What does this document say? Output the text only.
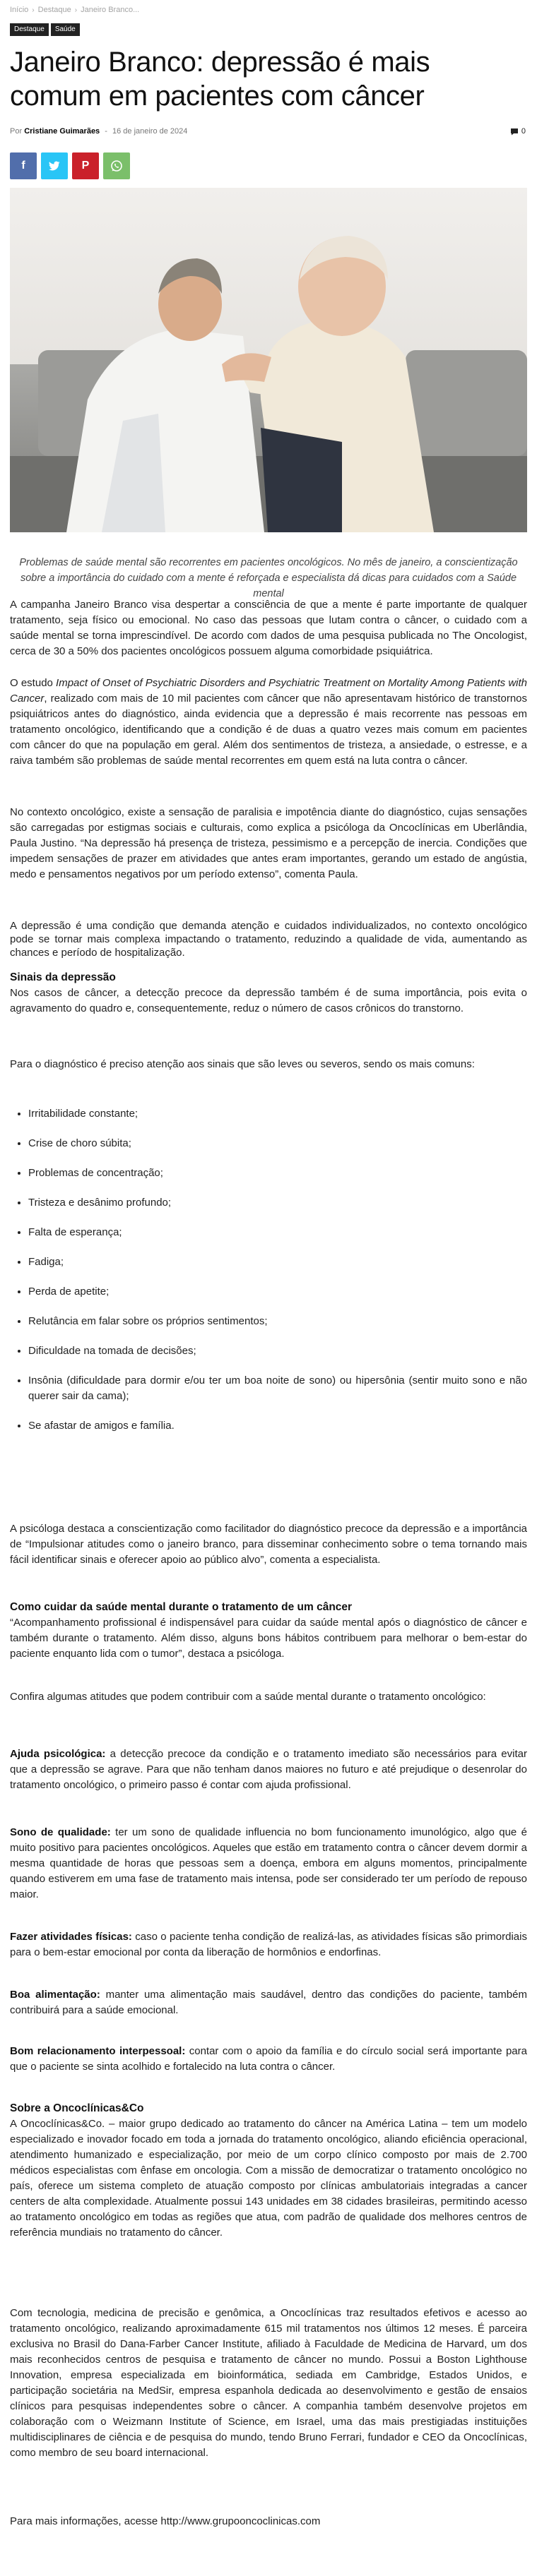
Início › Destaque › Janeiro Branco...
Destaque	Saúde
Janeiro Branco: depressão é mais comum em pacientes com câncer
Por Cristiane Guimarães - 16 de janeiro de 2024	0
f	P

Problemas de saúde mental são recorrentes em pacientes oncológicos. No mês de janeiro, a conscientização sobre a importância do cuidado com a mente é reforçada e especialista dá dicas para cuidados com a Saúde mental

A campanha Janeiro Branco visa despertar a consciência de que a mente é parte importante de qualquer tratamento, seja físico ou emocional. No caso das pessoas que lutam contra o câncer, o cuidado com a saúde mental se torna imprescindível. De acordo com dados de uma pesquisa publicada no The Oncologist, cerca de 30 a 50% dos pacientes oncológicos possuem alguma comorbidade psiquiátrica.

O estudo Impact of Onset of Psychiatric Disorders and Psychiatric Treatment on Mortality Among Patients with Cancer, realizado com mais de 10 mil pacientes com câncer que não apresentavam histórico de transtornos psiquiátricos antes do diagnóstico, ainda evidencia que a depressão é mais recorrente nas pessoas em tratamento oncológico, identificando que a condição é de duas a quatro vezes mais comum em pacientes com câncer do que na população em geral. Além dos sentimentos de tristeza, a ansiedade, o estresse, e a raiva também são problemas de saúde mental recorrentes em quem está na luta contra o câncer.

No contexto oncológico, existe a sensação de paralisia e impotência diante do diagnóstico, cujas sensações são carregadas por estigmas sociais e culturais, como explica a psicóloga da Oncoclínicas em Uberlândia, Paula Justino. “Na depressão há presença de tristeza, pessimismo e a percepção de inercia. Condições que impedem sensações de prazer em atividades que antes eram importantes, gerando um estado de angústia, medo e pensamentos negativos por um período extenso”, comenta Paula.

A depressão é uma condição que demanda atenção e cuidados individualizados, no contexto oncológico pode se tornar mais complexa impactando o tratamento, reduzindo a qualidade de vida, aumentando as chances e período de hospitalização.

Sinais da depressão

Nos casos de câncer, a detecção precoce da depressão também é de suma importância, pois evita o agravamento do quadro e, consequentemente, reduz o número de casos crônicos do transtorno.

Para o diagnóstico é preciso atenção aos sinais que são leves ou severos, sendo os mais comuns:

• Irritabilidade constante;
• Crise de choro súbita;
• Problemas de concentração;
• Tristeza e desânimo profundo;
• Falta de esperança;
• Fadiga;
• Perda de apetite;
• Relutância em falar sobre os próprios sentimentos;
• Dificuldade na tomada de decisões;
• Insônia (dificuldade para dormir e/ou ter um boa noite de sono) ou hipersônia (sentir muito sono e não querer sair da cama);
• Se afastar de amigos e família.

A psicóloga destaca a conscientização como facilitador do diagnóstico precoce da depressão e a importância de “Impulsionar atitudes como o janeiro branco, para disseminar conhecimento sobre o tema tornando mais fácil identificar sinais e oferecer apoio ao público alvo”, comenta a especialista.

Como cuidar da saúde mental durante o tratamento de um câncer

“Acompanhamento profissional é indispensável para cuidar da saúde mental após o diagnóstico de câncer e também durante o tratamento. Além disso, alguns bons hábitos contribuem para melhorar o bem-estar do paciente enquanto lida com o tumor”, destaca a psicóloga.

Confira algumas atitudes que podem contribuir com a saúde mental durante o tratamento oncológico:

Ajuda psicológica: a detecção precoce da condição e o tratamento imediato são necessários para evitar que a depressão se agrave. Para que não tenham danos maiores no futuro e até prejudique o desenrolar do tratamento oncológico, o primeiro passo é contar com ajuda profissional.

Sono de qualidade: ter um sono de qualidade influencia no bom funcionamento imunológico, algo que é muito positivo para pacientes oncológicos. Aqueles que estão em tratamento contra o câncer devem dormir a mesma quantidade de horas que pessoas sem a doença, embora em alguns momentos, principalmente quando estiverem em uma fase de tratamento mais intensa, pode ser considerado ter um período de repouso maior.

Fazer atividades físicas: caso o paciente tenha condição de realizá-las, as atividades físicas são primordiais para o bem-estar emocional por conta da liberação de hormônios e endorfinas.

Boa alimentação: manter uma alimentação mais saudável, dentro das condições do paciente, também contribuirá para a saúde emocional.

Bom relacionamento interpessoal: contar com o apoio da família e do círculo social será importante para que o paciente se sinta acolhido e fortalecido na luta contra o câncer.

Sobre a Oncoclínicas&Co

A Oncoclínicas&Co. – maior grupo dedicado ao tratamento do câncer na América Latina – tem um modelo especializado e inovador focado em toda a jornada do tratamento oncológico, aliando eficiência operacional, atendimento humanizado e especialização, por meio de um corpo clínico composto por mais de 2.700 médicos especialistas com ênfase em oncologia. Com a missão de democratizar o tratamento oncológico no país, oferece um sistema completo de atuação composto por clínicas ambulatoriais integradas a cancer centers de alta complexidade. Atualmente possui 143 unidades em 38 cidades brasileiras, permitindo acesso ao tratamento oncológico em todas as regiões que atua, com padrão de qualidade dos melhores centros de referência mundiais no tratamento do câncer.

Com tecnologia, medicina de precisão e genômica, a Oncoclínicas traz resultados efetivos e acesso ao tratamento oncológico, realizando aproximadamente 615 mil tratamentos nos últimos 12 meses. É parceira exclusiva no Brasil do Dana-Farber Cancer Institute, afiliado à Faculdade de Medicina de Harvard, um dos mais reconhecidos centros de pesquisa e tratamento de câncer no mundo. Possui a Boston Lighthouse Innovation, empresa especializada em bioinformática, sediada em Cambridge, Estados Unidos, e participação societária na MedSir, empresa espanhola dedicada ao desenvolvimento e gestão de ensaios clínicos para pesquisas independentes sobre o câncer. A companhia também desenvolve projetos em colaboração com o Weizmann Institute of Science, em Israel, uma das mais prestigiadas instituições multidisciplinares de ciência e de pesquisa do mundo, tendo Bruno Ferrari, fundador e CEO da Oncoclínicas, como membro de seu board internacional.

Para mais informações, acesse http://www.grupooncoclinicas.com
